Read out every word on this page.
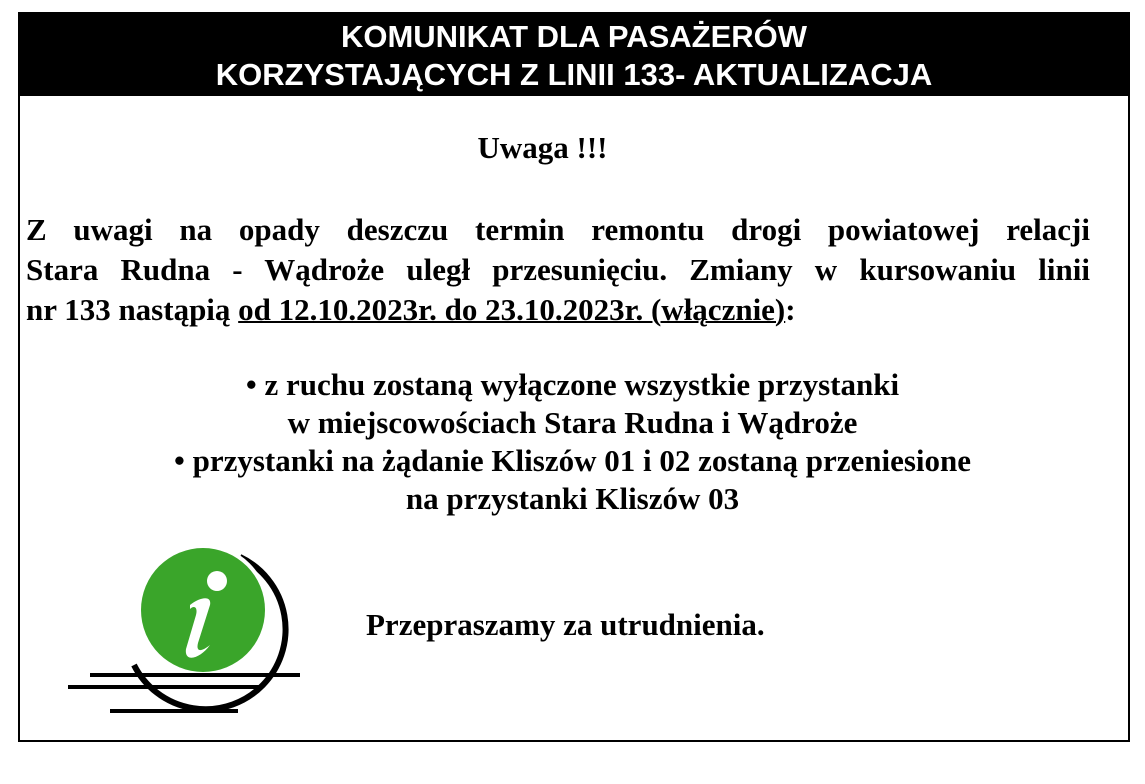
KOMUNIKAT DLA PASAŻERÓW
KORZYSTAJĄCYCH Z LINII 133- AKTUALIZACJA
Uwaga !!!
Z uwagi na opady deszczu termin remontu drogi powiatowej relacji
Stara Rudna - Wądroże uległ przesunięciu. Zmiany w kursowaniu linii
nr 133 nastąpią od 12.10.2023r. do 23.10.2023r. (włącznie):
• z ruchu zostaną wyłączone wszystkie przystanki
w miejscowościach Stara Rudna i Wądroże
• przystanki na żądanie Kliszów 01 i 02 zostaną przeniesione
na przystanki Kliszów 03
Przepraszamy za utrudnienia.
